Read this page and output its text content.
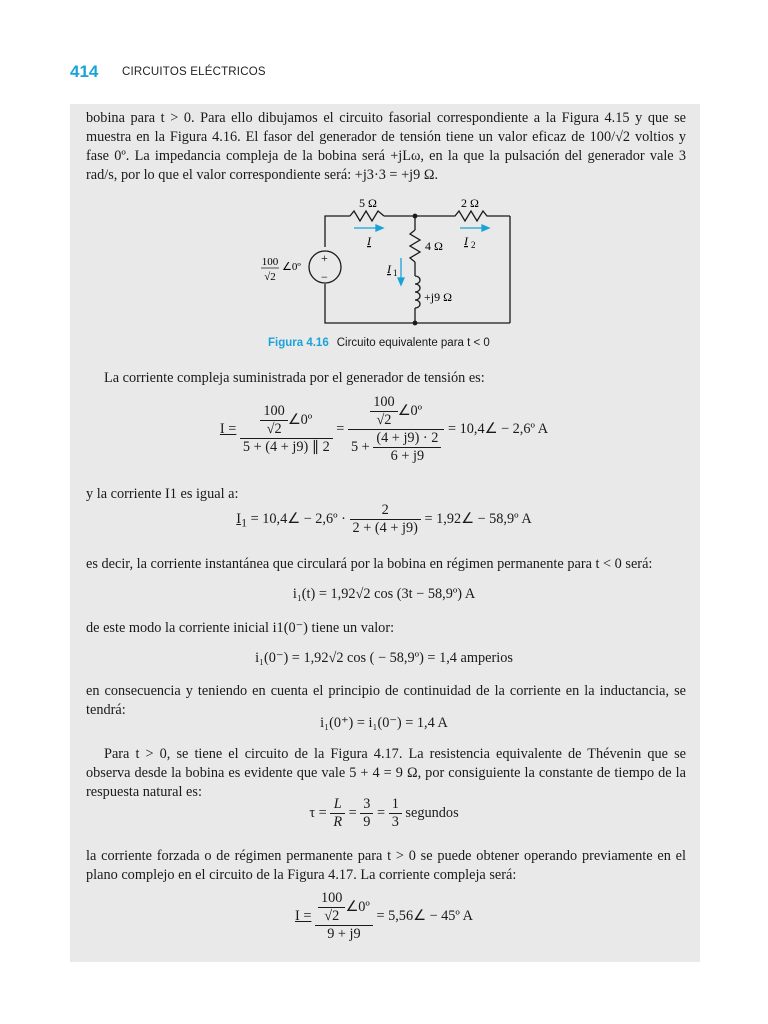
414 CIRCUITOS ELÉCTRICOS
bobina para t > 0. Para ello dibujamos el circuito fasorial correspondiente a la Figura 4.15 y que se muestra en la Figura 4.16. El fasor del generador de tensión tiene un valor eficaz de 100/√2 voltios y fase 0º. La impedancia compleja de la bobina será +jLω, en la que la pulsación del generador vale 3 rad/s, por lo que el valor correspondiente será: +j3·3 = +j9 Ω.
5 Ω	2 Ω
4 Ω
+j9 Ω
+
−
100
√2
∠0º
I	I 2
I 1
Figura 4.16 Circuito equivalente para t < 0
La corriente compleja suministrada por el generador de tensión es:
$I = \frac{\frac{100}{√2} \angle 0º}{5 + (4 + j9) \parallel 2} = \frac{\frac{100}{√2} \angle 0º}{5 + \frac{(4 + j9) \cdot 2}{6 + j9}}$ = 10,4∠ − 2,6º A
y la corriente I1 es igual a:
$I_1$ = 10,4∠ − 2,6º · $\frac{2}{2 + (4 + j9)}$ = 1,92∠ − 58,9º A
es decir, la corriente instantánea que circulará por la bobina en régimen permanente para t < 0 será:
i₁(t) = 1,92√2 cos (3t − 58,9º) A
de este modo la corriente inicial i1(0⁻) tiene un valor:
i₁(0⁻) = 1,92√2 cos ( − 58,9º) = 1,4 amperios
en consecuencia y teniendo en cuenta el principio de continuidad de la corriente en la inductancia, se tendrá:
i₁(0⁺) = i₁(0⁻) = 1,4 A
Para t > 0, se tiene el circuito de la Figura 4.17. La resistencia equivalente de Thévenin que se observa desde la bobina es evidente que vale 5 + 4 = 9 Ω, por consiguiente la constante de tiempo de la respuesta natural es:
$\tau = \frac{L}{R} = \frac{3}{9} = \frac{1}{3}$ segundos
la corriente forzada o de régimen permanente para t > 0 se puede obtener operando previamente en el plano complejo en el circuito de la Figura 4.17. La corriente compleja será:
$I = \frac{\frac{100}{√2} \angle 0º}{9 + j9}$ = 5,56∠ − 45º A
